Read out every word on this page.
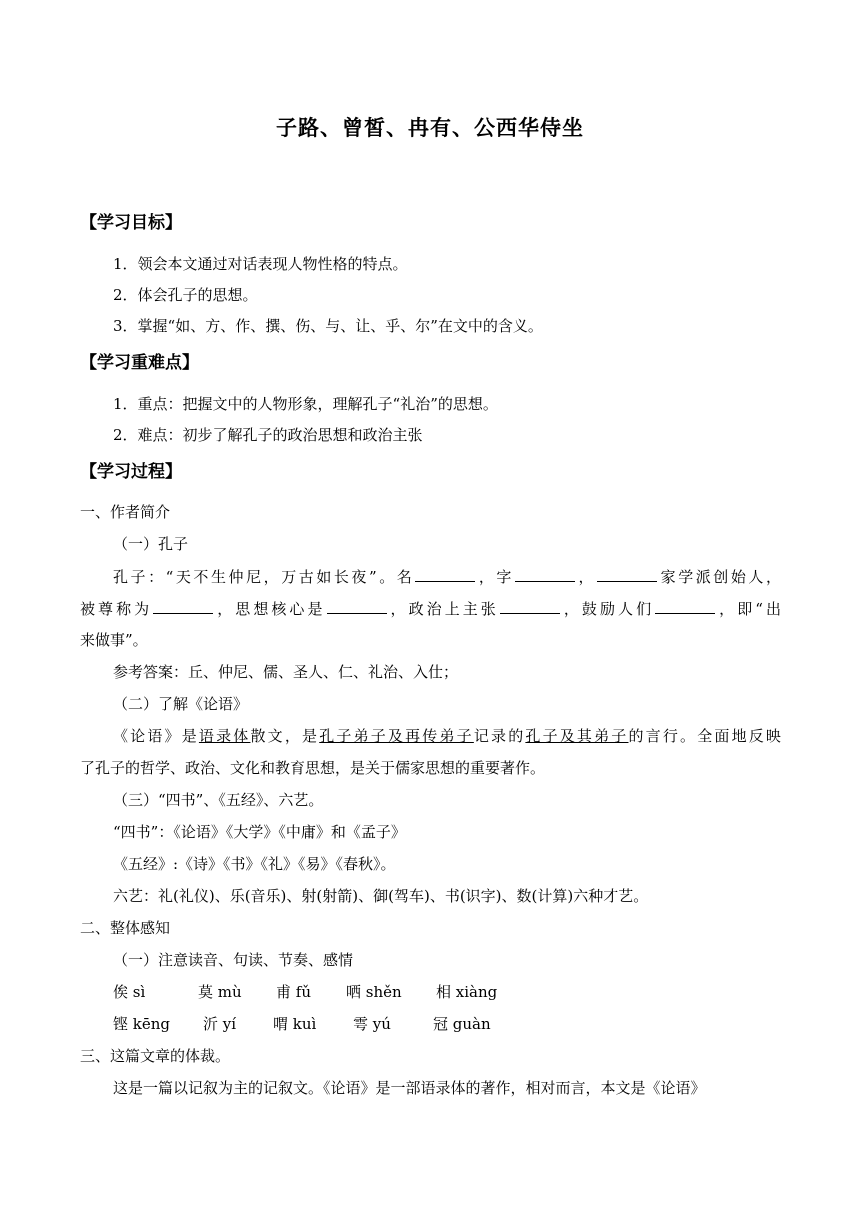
子路、曾皙、冉有、公西华侍坐
【学习目标】
1．领会本文通过对话表现人物性格的特点。
2．体会孔子的思想。
3．掌握“如、方、作、撰、伤、与、让、乎、尔”在文中的含义。
【学习重难点】
1．重点：把握文中的人物形象，理解孔子“礼治”的思想。
2．难点：初步了解孔子的政治思想和政治主张
【学习过程】
一、作者简介
（一）孔子
孔子：“天不生仲尼，万古如长夜”。名	，字	，	家学派创始人，
被尊称为	，思想核心是	，政治上主张	，鼓励人们	，即“出
来做事”。
参考答案：丘、仲尼、儒、圣人、仁、礼治、入仕；
（二）了解《论语》
《论语》是语录体散文，是孔子弟子及再传弟子记录的孔子及其弟子的言行。全面地反映
了孔子的哲学、政治、文化和教育思想，是关于儒家思想的重要著作。
（三）“四书”、《五经》、六艺。
“四书”：《论语》《大学》《中庸》和《孟子》
《五经》:《诗》《书》《礼》《易》《春秋》。
六艺：礼(礼仪)、乐(音乐)、射(射箭)、御(驾车)、书(识字)、数(计算)六种才艺。
二、整体感知
（一）注意读音、句读、节奏、感情
俟 sì	莫 mù 甫 fǔ 哂 shěn 相 xiàng
铿 kēng 沂 yí 喟 kuì 雩 yú	冠 guàn
三、这篇文章的体裁。
这是一篇以记叙为主的记叙文。《论语》是一部语录体的著作，相对而言，本文是《论语》
